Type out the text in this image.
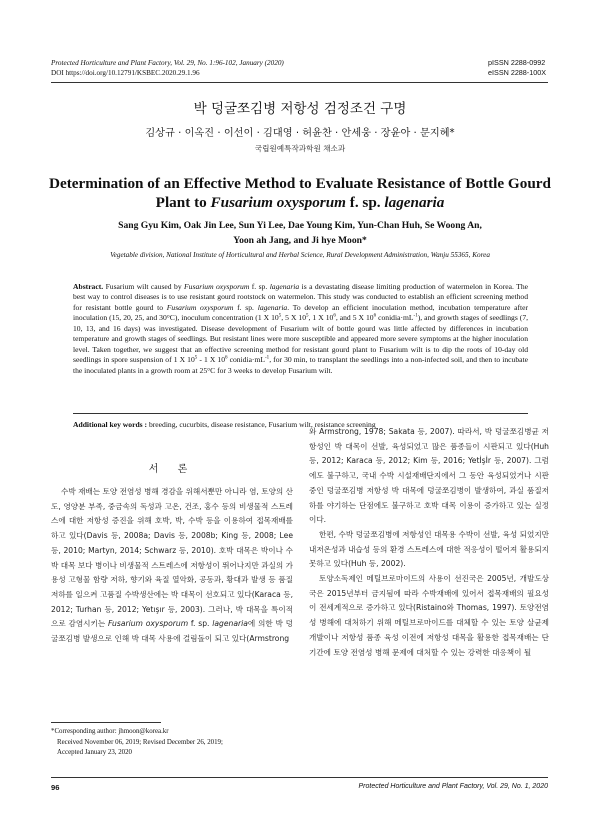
Protected Horticulture and Plant Factory, Vol. 29, No. 1:96-102, January (2020)
DOI https://doi.org/10.12791/KSBEC.2020.29.1.96
pISSN 2288-0992
eISSN 2288-100X
박 덩굴쪼김병 저항성 검정조건 구명
김상규 · 이옥진 · 이선이 · 김대영 · 허윤찬 · 안세웅 · 장윤아 · 문지혜*
국립원예특작과학원 채소과
Determination of an Effective Method to Evaluate Resistance of Bottle Gourd Plant to Fusarium oxysporum f. sp. lagenaria
Sang Gyu Kim, Oak Jin Lee, Sun Yi Lee, Dae Young Kim, Yun-Chan Huh, Se Woong An,
Yoon ah Jang, and Ji hye Moon*
Vegetable division, National Institute of Horticultural and Herbal Science, Rural Development Administration, Wanju 55365, Korea
Abstract. Fusarium wilt caused by Fusarium oxysporum f. sp. lagenaria is a devastating disease limiting production of watermelon in Korea. The best way to control diseases is to use resistant gourd rootstock on watermelon. This study was conducted to establish an efficient screening method for resistant bottle gourd to Fusarium oxysporum f. sp. lagenaria. To develop an efficient inoculation method, incubation temperature after inoculation (15, 20, 25, and 30°C), inoculum concentration (1 X $10^5$, 5 X $10^5$, 1 X $10^6$, and 5 X $10^6$ $conidia\cdot mL^{-1}$), and growth stages of seedlings (7, 10, 13, and 16 days) was investigated. Disease development of Fusarium wilt of bottle gourd was little affected by differences in incubation temperature and growth stages of seedlings. But resistant lines were more susceptible and appeared more severe symptoms at the higher inoculation level. Taken together, we suggest that an effective screening method for resistant gourd plant to Fusarium wilt is to dip the roots of 10-day old seedlings in spore suspension of 1 X $10^5 - 1$ X $10^6$ $conidia\cdot mL^{-1}$, for 30 min, to transplant the seedlings into a non-infected soil, and then to incubate the inoculated plants in a growth room at 25°C for 3 weeks to develop Fusarium wilt.
Additional key words : breeding, cucurbits, disease resistance, Fusarium wilt, resistance screening
서 론

수박 재배는 토양 전염성 병해 경감을 위해서뿐만 아니라 염, 토양의 산도, 영양분 부족, 중금속의 독성과 고온, 건조, 홍수 등의 비생물적 스트레스에 대한 저항성 증진을 위해 호박, 박, 수박 등을 이용하여 접목재배를 하고 있다(Davis 등, 2008a; Davis 등, 2008b; King 등, 2008; Lee 등, 2010; Martyn, 2014; Schwarz 등, 2010). 호박 대목은 박이나 수박 대목 보다 병이나 비생물적 스트레스에 저항성이 뛰어나지만 과실의 가용성 고형물 함량 저하, 향기와 육질 열악화, 공동과, 황대과 발생 등 품질저하를 일으켜 고품질 수박생산에는 박 대목이 선호되고 있다(Karaca 등, 2012; Turhan 등, 2012; Yetışır 등, 2003). 그러나, 박 대목을 특이적으로 감염시키는 Fusarium oxysporum f. sp. lagenaria에 의한 박 덩굴쪼김병 발생으로 인해 박 대목 사용에 걸림돌이 되고 있다(Armstrong

와 Armstrong, 1978; Sakata 등, 2007). 따라서, 박 덩굴쪼김병균 저항성인 박 대목이 선발, 육성되었고 많은 품종들이 시판되고 있다(Huh 등, 2012; Karaca 등, 2012; Kim 등, 2016; Yetİşİr 등, 2007). 그럼에도 불구하고, 국내 수박 시설재배단지에서 그 동안 육성되었거나 시판 중인 덩굴쪼김병 저항성 박 대목에 덩굴쪼김병이 발생하여, 과실 품질저하를 야기하는 단점에도 불구하고 호박 대목 이용이 증가하고 있는 실정이다.

한편, 수박 덩굴쪼김병에 저항성인 대목용 수박이 선발, 육성 되었지만 내저온성과 내습성 등의 환경 스트레스에 대한 적응성이 떨어져 활용되지 못하고 있다(Huh 등, 2002).

토양소독제인 메틸브로마이드의 사용이 선진국은 2005년, 개발도상국은 2015년부터 금지됨에 따라 수박재배에 있어서 접목재배의 필요성이 전세계적으로 증가하고 있다(Ristaino와 Thomas, 1997). 토양전염성 병해에 대처하기 위해 메틸브로마이드를 대체할 수 있는 토양 살균제 개발이나 저항성 품종 육성 이전에 저항성 대목을 활용한 접목재배는 단기간에 토양 전염성 병해 문제에 대처할 수 있는 강력한 대응책이 될

*Corresponding author: jhmoon@korea.kr
Received November 06, 2019; Revised December 26, 2019;
Accepted January 23, 2020
96	Protected Horticulture and Plant Factory, Vol. 29, No. 1, 2020
